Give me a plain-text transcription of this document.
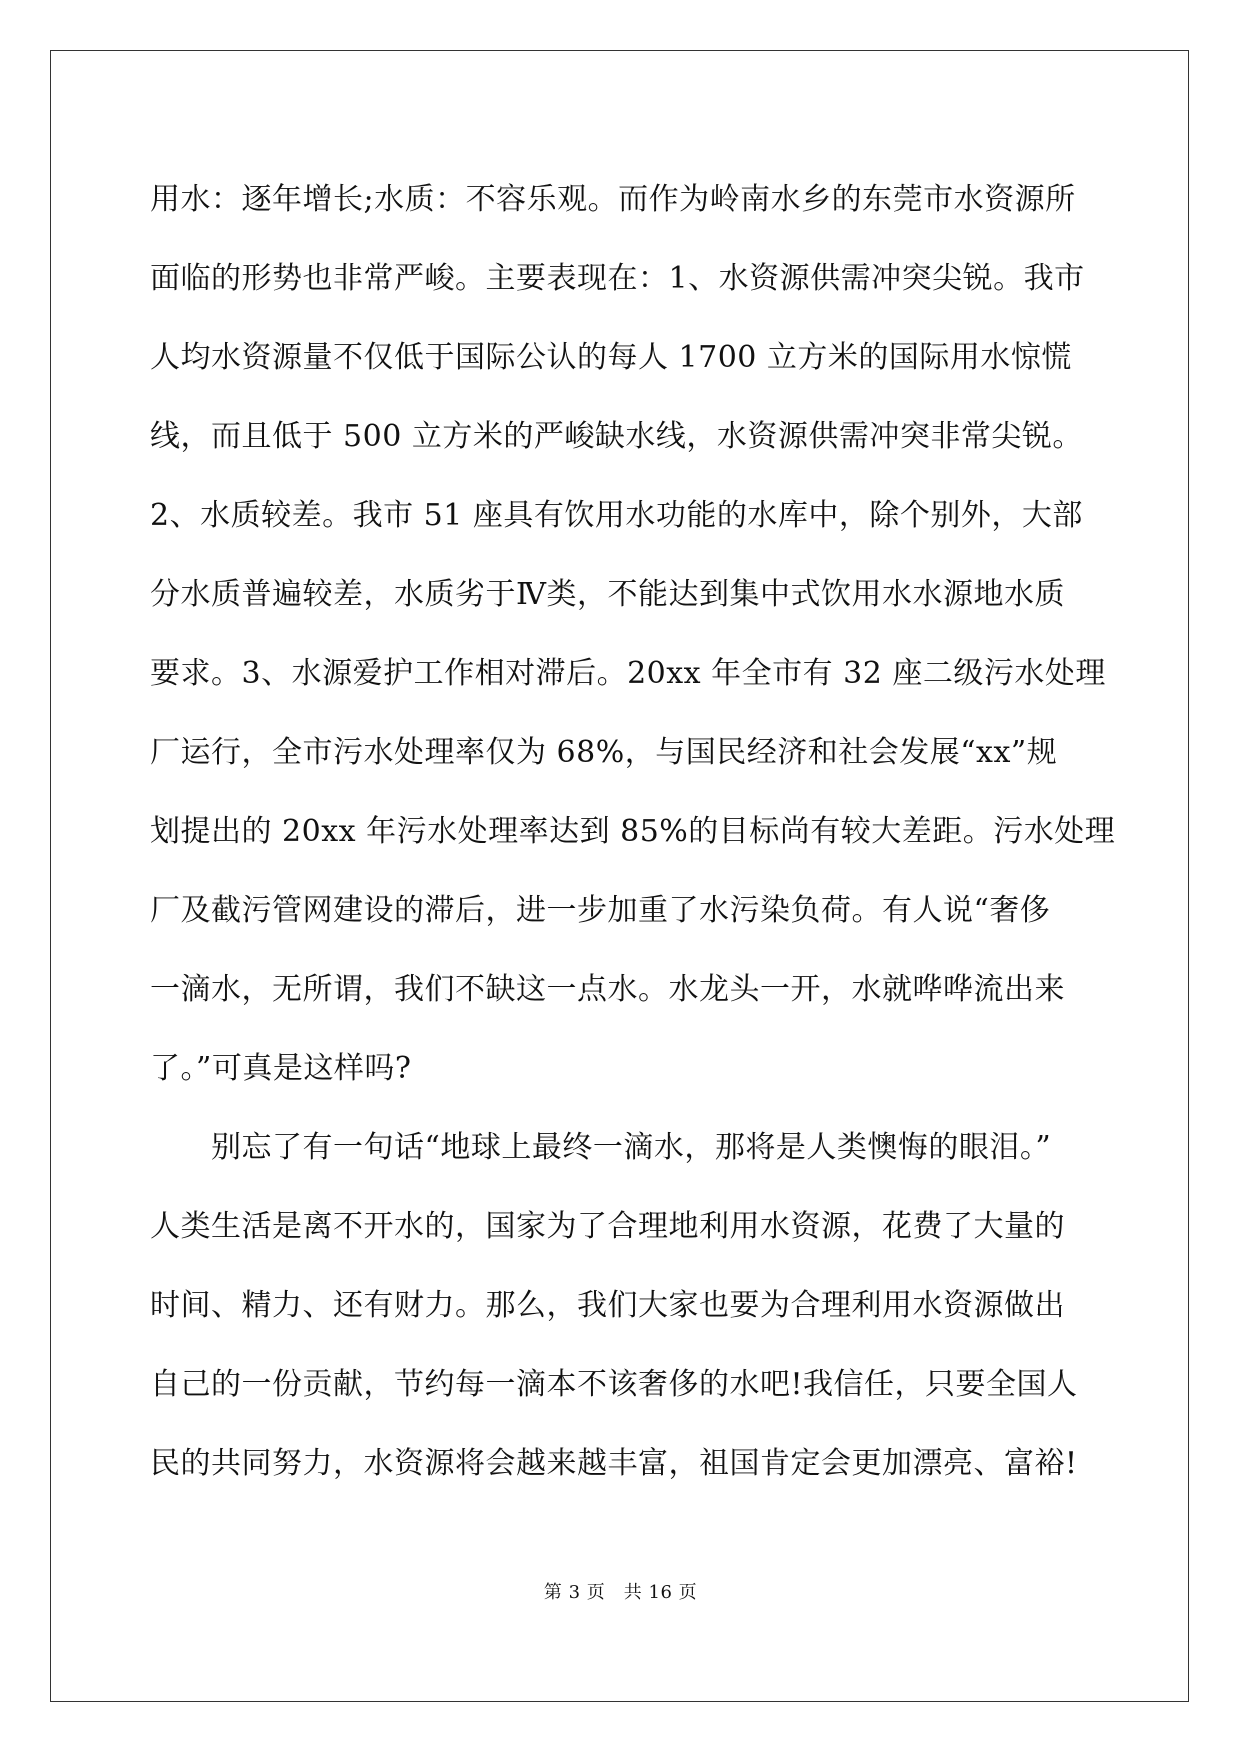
用水：逐年增长;水质：不容乐观。而作为岭南水乡的东莞市水资源所
面临的形势也非常严峻。主要表现在：1、水资源供需冲突尖锐。我市
人均水资源量不仅低于国际公认的每人 1700 立方米的国际用水惊慌
线，而且低于 500 立方米的严峻缺水线，水资源供需冲突非常尖锐。
2、水质较差。我市 51 座具有饮用水功能的水库中，除个别外，大部
分水质普遍较差，水质劣于Ⅳ类，不能达到集中式饮用水水源地水质
要求。3、水源爱护工作相对滞后。20xx 年全市有 32 座二级污水处理
厂运行，全市污水处理率仅为 68%，与国民经济和社会发展“xx”规
划提出的 20xx 年污水处理率达到 85%的目标尚有较大差距。污水处理
厂及截污管网建设的滞后，进一步加重了水污染负荷。有人说“奢侈
一滴水，无所谓，我们不缺这一点水。水龙头一开，水就哗哗流出来
了。”可真是这样吗?
　　别忘了有一句话“地球上最终一滴水，那将是人类懊悔的眼泪。”
人类生活是离不开水的，国家为了合理地利用水资源，花费了大量的
时间、精力、还有财力。那么，我们大家也要为合理利用水资源做出
自己的一份贡献，节约每一滴本不该奢侈的水吧!我信任，只要全国人
民的共同努力，水资源将会越来越丰富，祖国肯定会更加漂亮、富裕!
第 3 页　共 16 页
